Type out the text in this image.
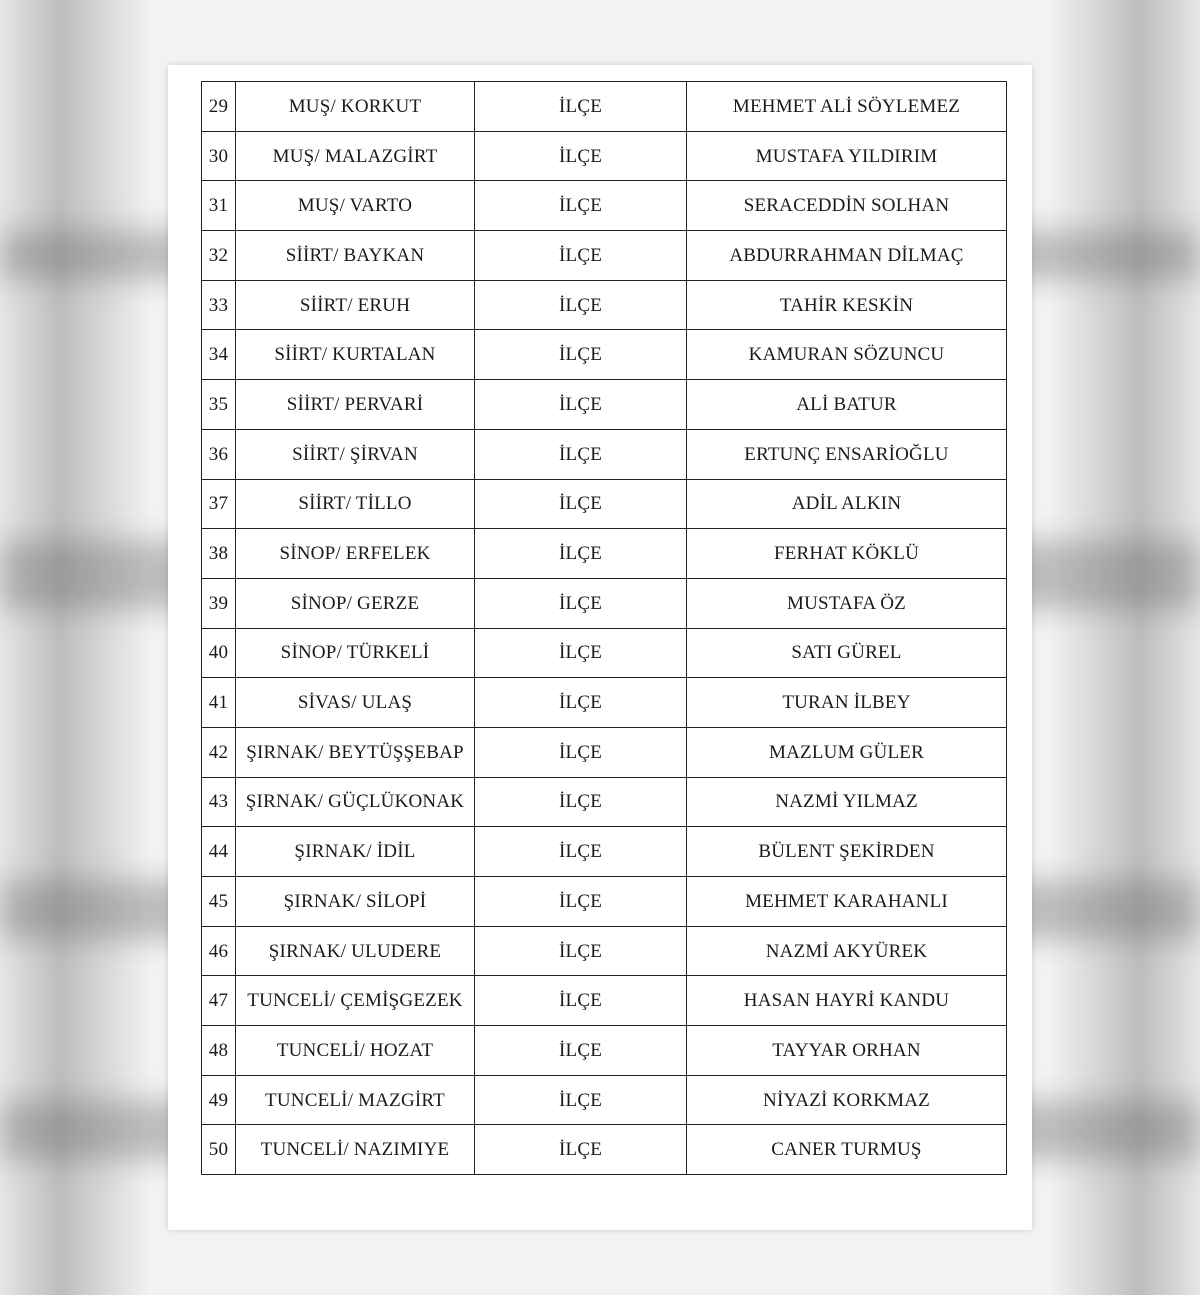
29	MUŞ/ KORKUT	İLÇE	MEHMET ALİ SÖYLEMEZ
30	MUŞ/ MALAZGİRT	İLÇE	MUSTAFA YILDIRIM
31	MUŞ/ VARTO	İLÇE	SERACEDDİN SOLHAN
32	SİİRT/ BAYKAN	İLÇE	ABDURRAHMAN DİLMAÇ
33	SİİRT/ ERUH	İLÇE	TAHİR KESKİN
34	SİİRT/ KURTALAN	İLÇE	KAMURAN SÖZUNCU
35	SİİRT/ PERVARİ	İLÇE	ALİ BATUR
36	SİİRT/ ŞİRVAN	İLÇE	ERTUNÇ ENSARİOĞLU
37	SİİRT/ TİLLO	İLÇE	ADİL ALKIN
38	SİNOP/ ERFELEK	İLÇE	FERHAT KÖKLÜ
39	SİNOP/ GERZE	İLÇE	MUSTAFA ÖZ
40	SİNOP/ TÜRKELİ	İLÇE	SATI GÜREL
41	SİVAS/ ULAŞ	İLÇE	TURAN İLBEY
42	ŞIRNAK/ BEYTÜŞŞEBAP	İLÇE	MAZLUM GÜLER
43	ŞIRNAK/ GÜÇLÜKONAK	İLÇE	NAZMİ YILMAZ
44	ŞIRNAK/ İDİL	İLÇE	BÜLENT ŞEKİRDEN
45	ŞIRNAK/ SİLOPİ	İLÇE	MEHMET KARAHANLI
46	ŞIRNAK/ ULUDERE	İLÇE	NAZMİ AKYÜREK
47	TUNCELİ/ ÇEMİŞGEZEK	İLÇE	HASAN HAYRİ KANDU
48	TUNCELİ/ HOZAT	İLÇE	TAYYAR ORHAN
49	TUNCELİ/ MAZGİRT	İLÇE	NİYAZİ KORKMAZ
50	TUNCELİ/ NAZIMIYE	İLÇE	CANER TURMUŞ
